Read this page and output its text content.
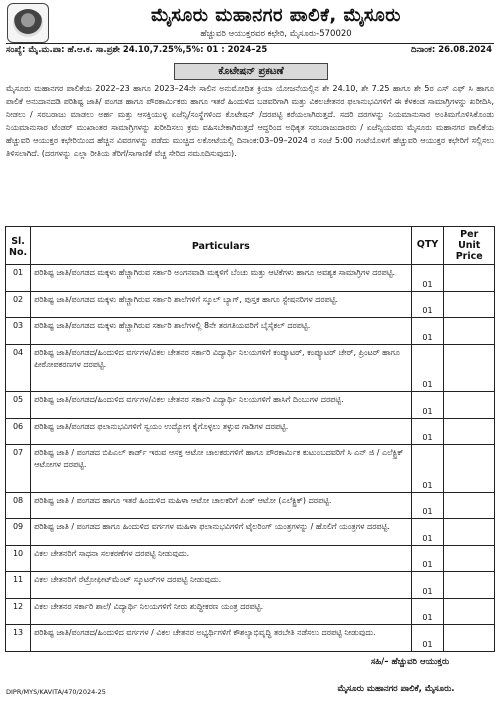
ಮೈಸೂರು ಮಹಾನಗರ ಪಾಲಿಕೆ, ಮೈಸೂರು
ಹೆಚ್ಚುವರಿ ಆಯುಕ್ತರವರ ಕಛೇರಿ, ಮೈಸೂರು-570020
ಸಂಖ್ಯೆ: ಮೈ.ಮ.ಪಾ: ಹೆ.ಆ.ಕ. ಸಾ.ಪ್ರಶೇ 24.10,7.25%,5%: 01 : 2024–25	ದಿನಾಂಕ: 26.08.2024
ಕೊಟೇಷನ್ ಪ್ರಕಟಣೆ
ಮೈಸೂರು ಮಹಾನಗರ ಪಾಲಿಕೆಯ 2022–23 ಹಾಗೂ 2023–24ನೇ ಸಾಲಿನ ಅನುಮೋದಿತ ಕ್ರಿಯಾ ಯೋಜನೆಯಲ್ಲಿನ ಶೇ 24.10, ಶೇ 7.25 ಹಾಗೂ ಶೇ 5ರ ಎಸ್ ಎಫ್ ಸಿ ಹಾಗೂ ಪಾಲಿಕೆ ಅನುದಾನದಡಿ ಪರಿಶಿಷ್ಟ ಜಾತಿ/ ಪಂಗಡ ಹಾಗೂ ಪೌರಕಾರ್ಮಿಕರು ಹಾಗೂ ಇತರೆ ಹಿಂದುಳಿದ ಬಡವರಿಗಾಗಿ ಮತ್ತು ವಿಕಲಚೇತನರ ಫಲಾನುಭವಿಗಳಿಗೆ ಈ ಕೆಳಕಂಡ ಸಾಮಾಗ್ರಿಗಳನ್ನು ಖರೀದಿಸಿ, ನೀಡಲು / ಸರಬರಾಜು ಮಾಡಲು ಅರ್ಹ ಮತ್ತು ಆಸಕ್ತಿಯುಳ್ಳ ಏಜೆನ್ಸಿ/ಸಂಸ್ಥೆಗಳಿಂದ ಕೊಟೇಷನ್ /ದರಪಟ್ಟಿ ಕರೆಯಲಾಗಿರುತ್ತದೆ. ಸದರಿ ದರಗಳನ್ನು ನಿಯಮಾನುಸಾರ ಅಂತಿಮಗೊಳಿಸಿಕೊಂಡು ನಿಯಮಾನುಸಾರ ಟೆಂಡರ್ ಮುಖಾಂತರ ಸಾಮಾಗ್ರಿಗಳನ್ನು ಖರೀದಿಸಲು ಕ್ರಮ ವಹಿಸಬೇಕಾಗಿರುತ್ತದೆ ಆದ್ದರಿಂದ ಅಧಿಕೃತ ಸರಬರಾಜುದಾರರು / ಏಜೆನ್ಸಿಯವರು ಮೈಸೂರು ಮಹಾನಗರ ಪಾಲಿಕೆಯ ಹೆಚ್ಚುವರಿ ಆಯುಕ್ತರ ಕಛೇರಿಯಿಂದ ಹೆಚ್ಚಿನ ವಿವರಗಳನ್ನು ಪಡೆದು ಮುಚ್ಚಿದ ಲಕೋಟೆಯಲ್ಲಿ ದಿನಾಂಕ:03–09–2024 ರ ಸಂಜೆ 5:00 ಗಂಟೆಯೊಳಗೆ ಹೆಚ್ಚುವರಿ ಆಯುಕ್ತರ ಕಛೇರಿಗೆ ಸಲ್ಲಿಸಲು ತಿಳಿಸಲಾಗಿದೆ. (ದರಗಳನ್ನು ಎಲ್ಲಾ ರೀತಿಯ ತೆರಿಗೆ/ಸಾಗಾಣಿಕೆ ವೆಚ್ಚ ಸೇರಿದ ನಮೂದಿಸುವುದು).
Sl. No.	Particulars	QTY	Per Unit Price
01	ಪರಿಶಿಷ್ಟ ಜಾತಿ/ಪಂಗಡದ ಮಕ್ಕಳು ಹೆಚ್ಚಾಗಿರುವ ಸರ್ಕಾರಿ ಅಂಗನವಾಡಿ ಮಕ್ಕಳಿಗೆ ಬೆಂಚು ಮತ್ತು ಆಟಿಕೆಗಳು ಹಾಗೂ ಅವಶ್ಯಕ ಸಾಮಾಗ್ರಿಗಳ ದರಪಟ್ಟಿ.	01	
02	ಪರಿಶಿಷ್ಟ ಜಾತಿ/ಪಂಗಡದ ಮಕ್ಕಳು ಹೆಚ್ಚಾಗಿರುವ ಸರ್ಕಾರಿ ಶಾಲೆಗಳಿಗೆ ಸ್ಕೂಲ್ ಬ್ಯಾಗ್, ಪುಸ್ತಕ ಹಾಗೂ ಸ್ಟೇಷನರಿಗಳ ದರಪಟ್ಟಿ.	01	
03	ಪರಿಶಿಷ್ಟ ಜಾತಿ/ಪಂಗಡದ ಮಕ್ಕಳು ಹೆಚ್ಚಾಗಿರುವ ಸರ್ಕಾರಿ ಶಾಲೆಗಳಲ್ಲಿ 8ನೇ ತರಗತಿಯವರಿಗೆ ಬೈಸೈಕಲ್ ದರಪಟ್ಟಿ.	01	
04	ಪರಿಶಿಷ್ಟ ಜಾತಿ/ಪಂಗಡದ/ಹಿಂದುಳಿದ ವರ್ಗಗಳ/ವಿಕಲ ಚೇತನರ ಸರ್ಕಾರಿ ವಿದ್ಯಾರ್ಥಿ ನಿಲಯಗಳಿಗೆ ಕಂಪ್ಯೂಟರ್, ಕಂಪ್ಯೂಟರ್ ಚೇರ್, ಪ್ರಿಂಟರ್ ಹಾಗೂ ಪೀಠೋಪಕರಣಗಳ ದರಪಟ್ಟಿ.	01	
05	ಪರಿಶಿಷ್ಟ ಜಾತಿ/ಪಂಗಡದ/ಹಿಂದುಳಿದ ವರ್ಗಗಳ/ವಿಕಲ ಚೇತನರ ಸರ್ಕಾರಿ ವಿದ್ಯಾರ್ಥಿ ನಿಲಯಗಳಿಗೆ ಹಾಸಿಗೆ ದಿಂಬುಗಳ ದರಪಟ್ಟಿ.	01	
06	ಪರಿಶಿಷ್ಟ ಜಾತಿ/ಪಂಗಡದ ಫಲಾನುಭವಿಗಳಿಗೆ ಸ್ವಯಂ ಉದ್ಯೋಗ ಕೈಗೊಳ್ಳಲು ತಳ್ಳುವ ಗಾಡಿಗಳ ದರಪಟ್ಟಿ.	01	
07	ಪರಿಶಿಷ್ಟ ಜಾತಿ / ಪಂಗಡದ ಬಿಪಿಎಲ್ ಕಾರ್ಡ್ ಇರುವ ಆಸಕ್ತ ಆಟೋ ಚಾಲಕರುಗಳಿಗೆ ಹಾಗೂ ಪೌರಕಾರ್ಮಿಕ ಕುಟುಂಬದವರಿಗೆ ಸಿ ಎನ್ ಜಿ / ಎಲೆಕ್ಟ್ರಿಕ್ ಆಟೋಗಳ ದರಪಟ್ಟಿ.	01	
08	ಪರಿಶಿಷ್ಟ ಜಾತಿ / ಪಂಗಡದ ಹಾಗೂ ಇತರೆ ಹಿಂದುಳಿದ ಮಹಿಳಾ ಆಟೋ ಚಾಲಕರಿಗೆ ಪಿಂಕ್ ಆಟೋ (ಎಲೆಕ್ಟ್ರಿಕ್) ದರಪಟ್ಟಿ.	01	
09	ಪರಿಶಿಷ್ಟ ಜಾತಿ / ಪಂಗಡದ ಹಾಗೂ ಹಿಂದುಳಿದ ವರ್ಗಗಳ ಮಹಿಳಾ ಫಲಾನುಭವಿಗಳಿಗೆ ಟೈಲರಿಂಗ್ ಯಂತ್ರಗಳನ್ನು / ಹೊಲಿಗೆ ಯಂತ್ರಗಳ ದರಪಟ್ಟಿ.	01	
10	ವಿಕಲ ಚೇತನರಿಗೆ ಸಾಧನಾ ಸಲಕರಣೆಗಳ ದರಪಟ್ಟಿ ನೀಡುವುದು.	01	
11	ವಿಕಲ ಚೇತನರಿಗೆ ರೆಟ್ರೋಫೀಟ್‌ಮೆಂಟ್ ಸ್ಕೂಟರ್‌ಗಳ ದರಪಟ್ಟಿ ನೀಡುವುದು.	01	
12	ವಿಕಲ ಚೇತನರ ಸರ್ಕಾರಿ ಶಾಲೆ/ ವಿದ್ಯಾರ್ಥಿ ನಿಲಯಗಳಿಗೆ ನೀರು ಶುದ್ಧೀಕರಣ ಯಂತ್ರ ದರಪಟ್ಟಿ.	01	
13	ಪರಿಶಿಷ್ಟ ಜಾತಿ/ಪಂಗಡದ/ಹಿಂದುಳಿದ ವರ್ಗಗಳ / ವಿಕಲ ಚೇತನರ ಅಭ್ಯರ್ಥಿಗಳಿಗೆ ಕೌಶಲ್ಯಾಭಿವೃದ್ಧಿ ತರಬೇತಿ ನಡೆಸಲು ದರಪಟ್ಟಿ ನೀಡುವುದು.	01	
ಸಹಿ/– ಹೆಚ್ಚುವರಿ ಆಯುಕ್ತರು
ಮೈಸೂರು ಮಹಾನಗರ ಪಾಲಿಕೆ, ಮೈಸೂರು.
DIPR/MYS/KAVITA/470/2024-25
